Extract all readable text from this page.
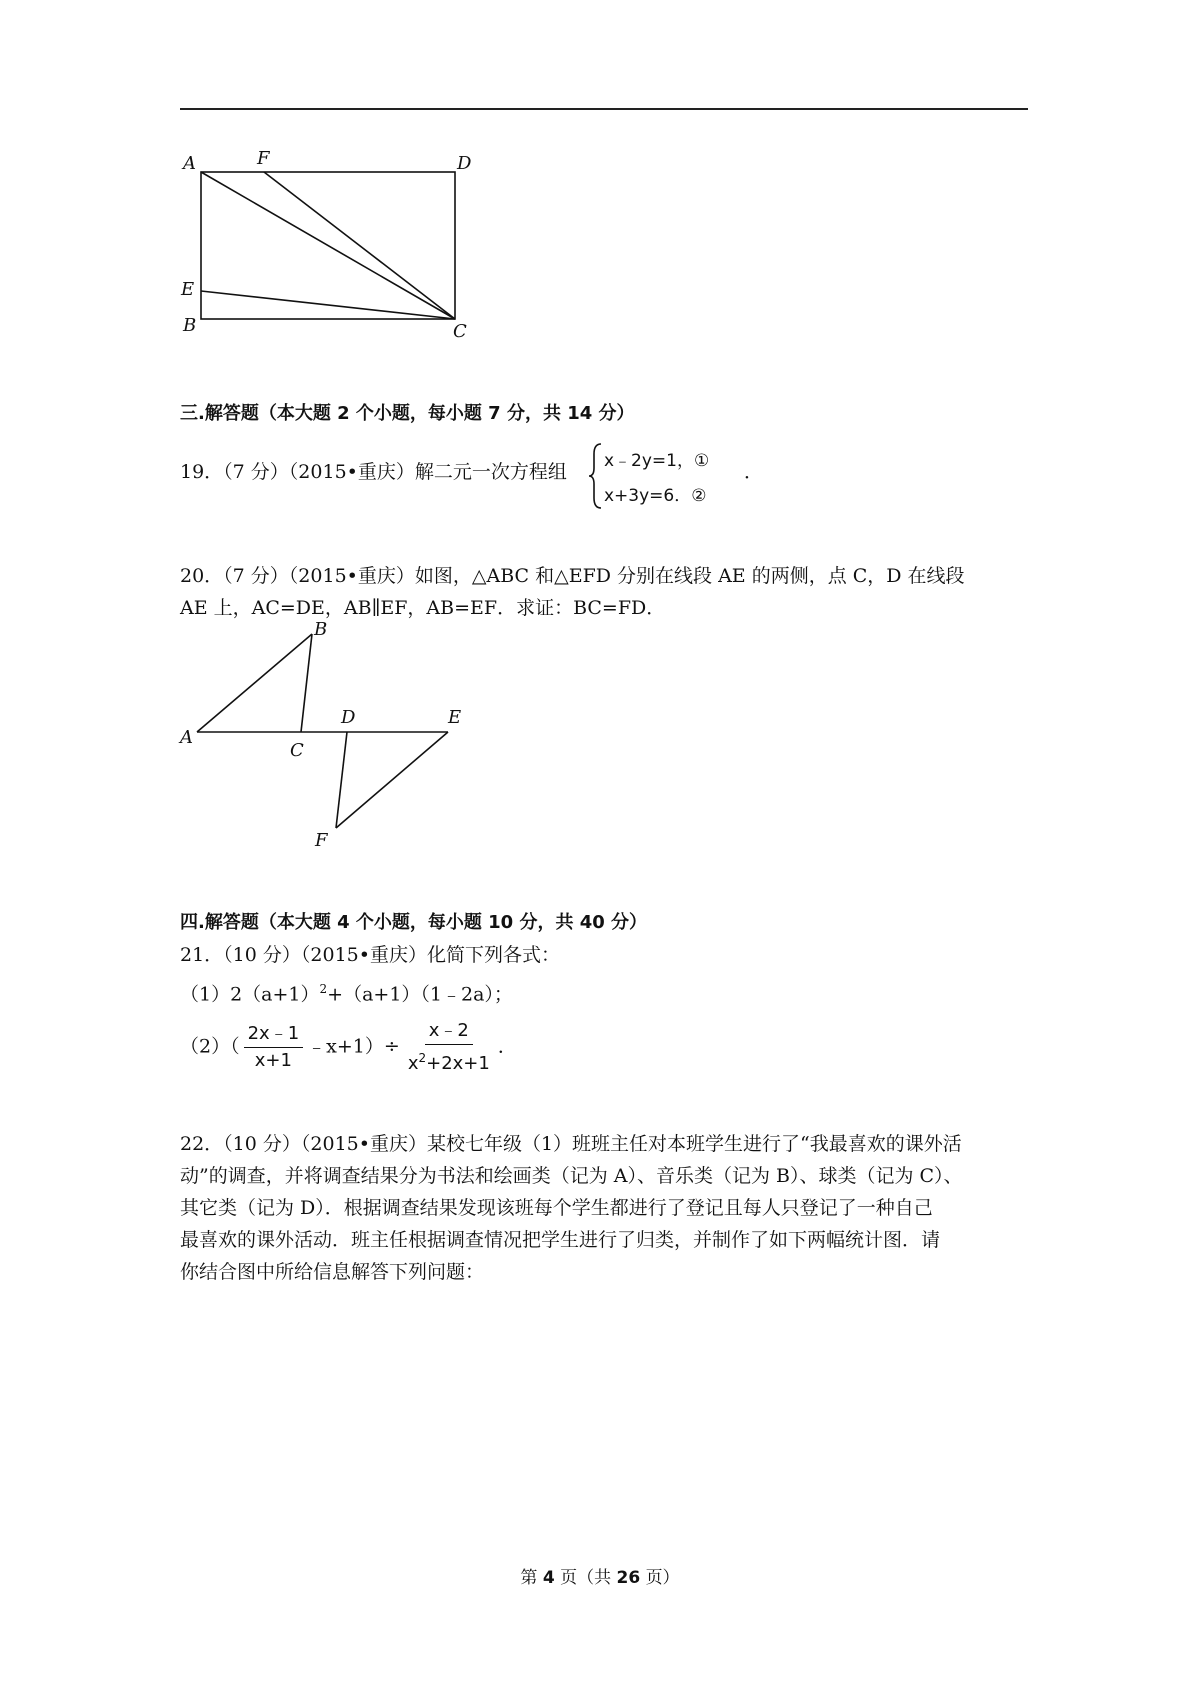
A	F	D
E
B	C
三.解答题（本大题 2 个小题，每小题 7 分，共 14 分）
19．（7 分）（2015•重庆）解二元一次方程组 x﹣2y=1，①
x+3y=6．②
．
20．（7 分）（2015•重庆）如图，△ABC 和△EFD 分别在线段 AE 的两侧，点 C，D 在线段
AE 上，AC=DE，AB∥EF，AB=EF．求证：BC=FD．
A
B
C
D	E
F
四.解答题（本大题 4 个小题，每小题 10 分，共 40 分）
21．（10 分）（2015•重庆）化简下列各式：
$(1)2(a+1)^2+(a+1)(1﹣2a)$；
$(2)( \frac{2x﹣1}{x+1}$ ﹣x+1）÷ $\frac{x﹣2}{x^2+2x+1}$ ．
22．（10 分）（2015•重庆）某校七年级（1）班班主任对本班学生进行了“我最喜欢的课外活
动”的调查，并将调查结果分为书法和绘画类（记为 A）、音乐类（记为 B）、球类（记为 C）、
其它类（记为 D）．根据调查结果发现该班每个学生都进行了登记且每人只登记了一种自己
最喜欢的课外活动．班主任根据调查情况把学生进行了归类，并制作了如下两幅统计图．请
你结合图中所给信息解答下列问题：
第 4 页（共 26 页）
